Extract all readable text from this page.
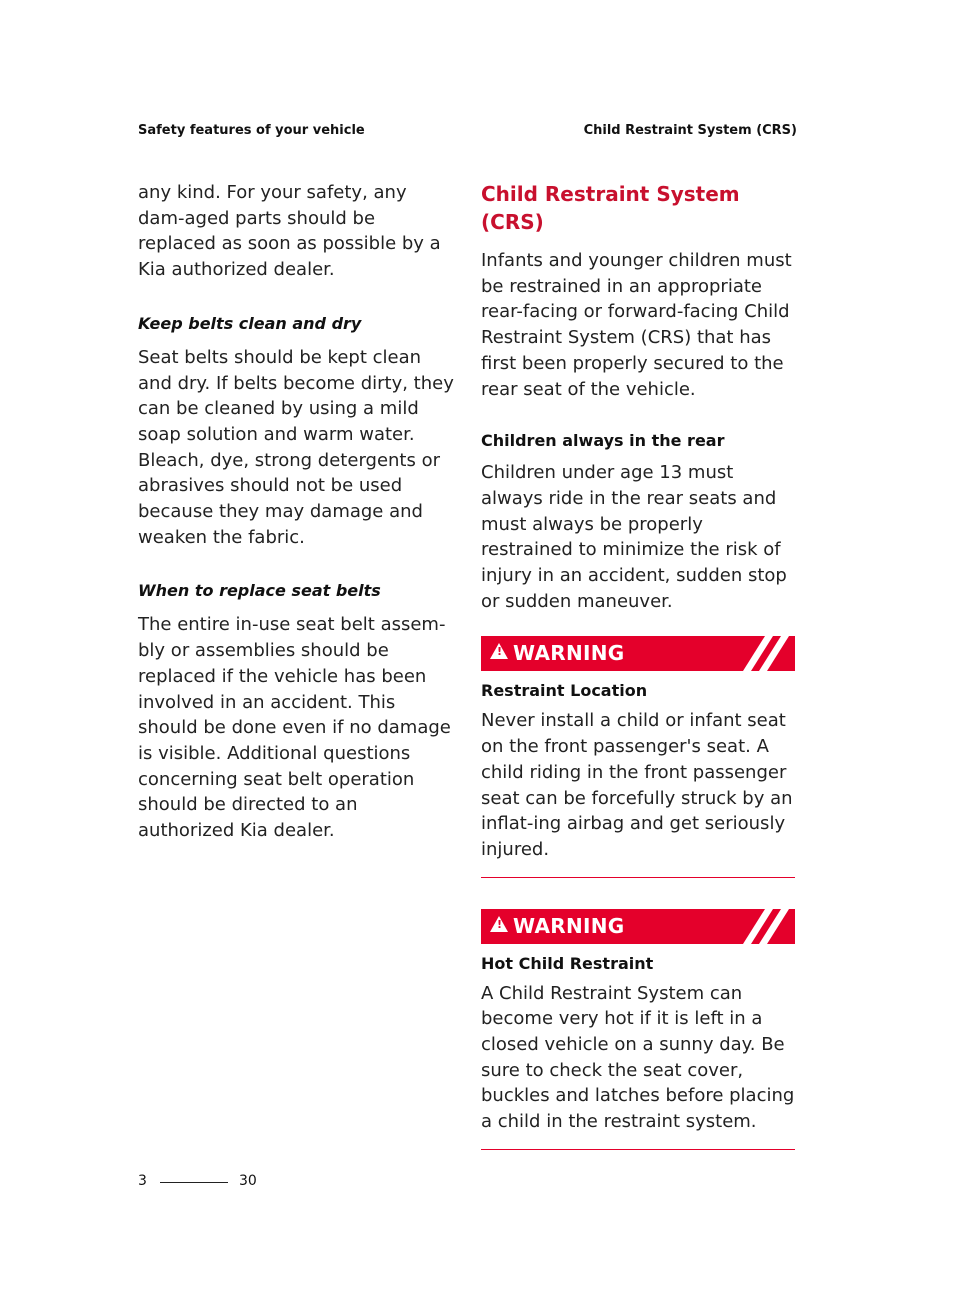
Safety features of your vehicle	Child Restraint System (CRS)

any kind. For your safety, any dam-aged parts should be replaced as soon as possible by a Kia authorized dealer.

Keep belts clean and dry

Seat belts should be kept clean and dry. If belts become dirty, they can be cleaned by using a mild soap solution and warm water. Bleach, dye, strong detergents or abrasives should not be used because they may damage and weaken the fabric.

When to replace seat belts

The entire in-use seat belt assem-bly or assemblies should be replaced if the vehicle has been involved in an accident. This should be done even if no damage is visible. Additional questions concerning seat belt operation should be directed to an authorized Kia dealer.

Child Restraint System (CRS)

Infants and younger children must be restrained in an appropriate rear-facing or forward-facing Child Restraint System (CRS) that has first been properly secured to the rear seat of the vehicle.

Children always in the rear

Children under age 13 must always ride in the rear seats and must always be properly restrained to minimize the risk of injury in an accident, sudden stop or sudden maneuver.

! WARNING

Restraint Location

Never install a child or infant seat on the front passenger's seat. A child riding in the front passenger seat can be forcefully struck by an inflat-ing airbag and get seriously injured.

! WARNING

Hot Child Restraint

A Child Restraint System can become very hot if it is left in a closed vehicle on a sunny day. Be sure to check the seat cover, buckles and latches before placing a child in the restraint system.

3	30
